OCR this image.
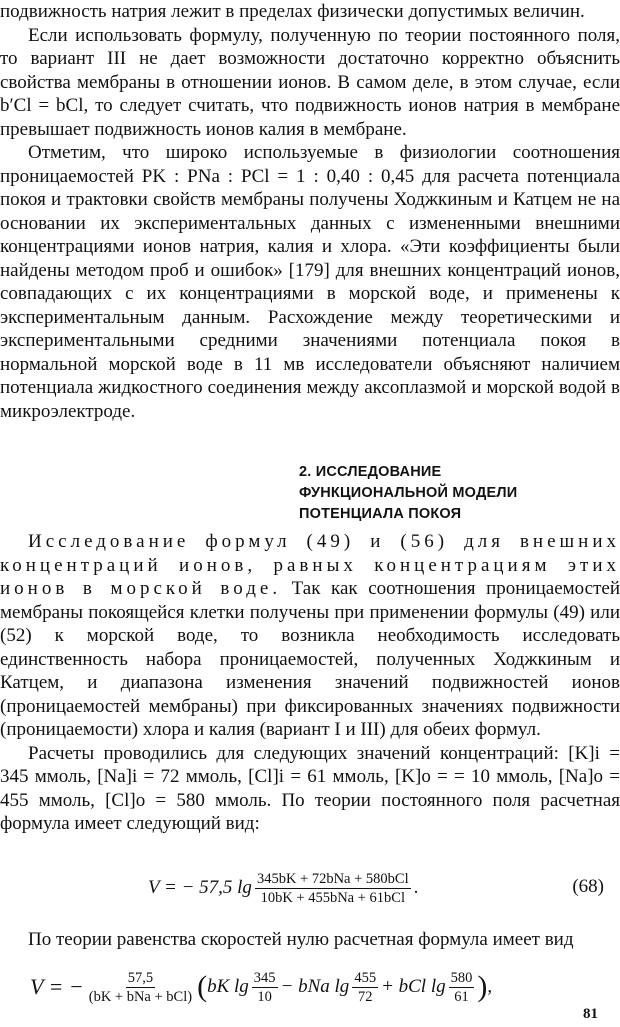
подвижность натрия лежит в пределах физически допустимых величин.

Если использовать формулу, полученную по теории постоянного поля, то вариант III не дает возможности достаточно корректно объяснить свойства мембраны в отношении ионов. В самом деле, в этом случае, если b′Cl = bCl, то следует считать, что подвижность ионов натрия в мембране превышает подвижность ионов калия в мембране.

Отметим, что широко используемые в физиологии соотношения проницаемостей PK : PNa : PCl = 1 : 0,40 : 0,45 для расчета потенциала покоя и трактовки свойств мембраны получены Ходжкиным и Катцем не на основании их экспериментальных данных с измененными внешними концентрациями ионов натрия, калия и хлора. «Эти коэффициенты были найдены методом проб и ошибок» [179] для внешних концентраций ионов, совпадающих с их концентрациями в морской воде, и применены к экспериментальным данным. Расхождение между теоретическими и экспериментальными средними значениями потенциала покоя в нормальной морской воде в 11 мв исследователи объясняют наличием потенциала жидкостного соединения между аксоплазмой и морской водой в микроэлектроде.

2. ИССЛЕДОВАНИЕ
ФУНКЦИОНАЛЬНОЙ МОДЕЛИ
ПОТЕНЦИАЛА ПОКОЯ

Исследование формул (49) и (56) для внешних концентраций ионов, равных концентрациям этих ионов в морской воде. Так как соотношения проницаемостей мембраны покоящейся клетки получены при применении формулы (49) или (52) к морской воде, то возникла необходимость исследовать единственность набора проницаемостей, полученных Ходжкиным и Катцем, и диапазона изменения значений подвижностей ионов (проницаемостей мембраны) при фиксированных значениях подвижности (проницаемости) хлора и калия (вариант I и III) для обеих формул.

Расчеты проводились для следующих значений концентраций: [K]i = 345 ммоль, [Na]i = 72 ммоль, [Cl]i = 61 ммоль, [K]o = = 10 ммоль, [Na]o = 455 ммоль, [Cl]o = 580 ммоль. По теории постоянного поля расчетная формула имеет следующий вид:

V = − 57,5 $\lg \frac{\text{345bK + 72bNa + 580bCl}}{\text{10bK + 455bNa + 61bCl}}$ .	(68)

По теории равенства скоростей нулю расчетная формула имеет вид

V = − $\frac{57,5}{\text{(bK + bNa + bCl)}}$ ( bK $\lg \frac{345}{10}$ − bNa $\lg \frac{455}{72}$ + bCl $\lg \frac{580}{61}$ ) ,
81
